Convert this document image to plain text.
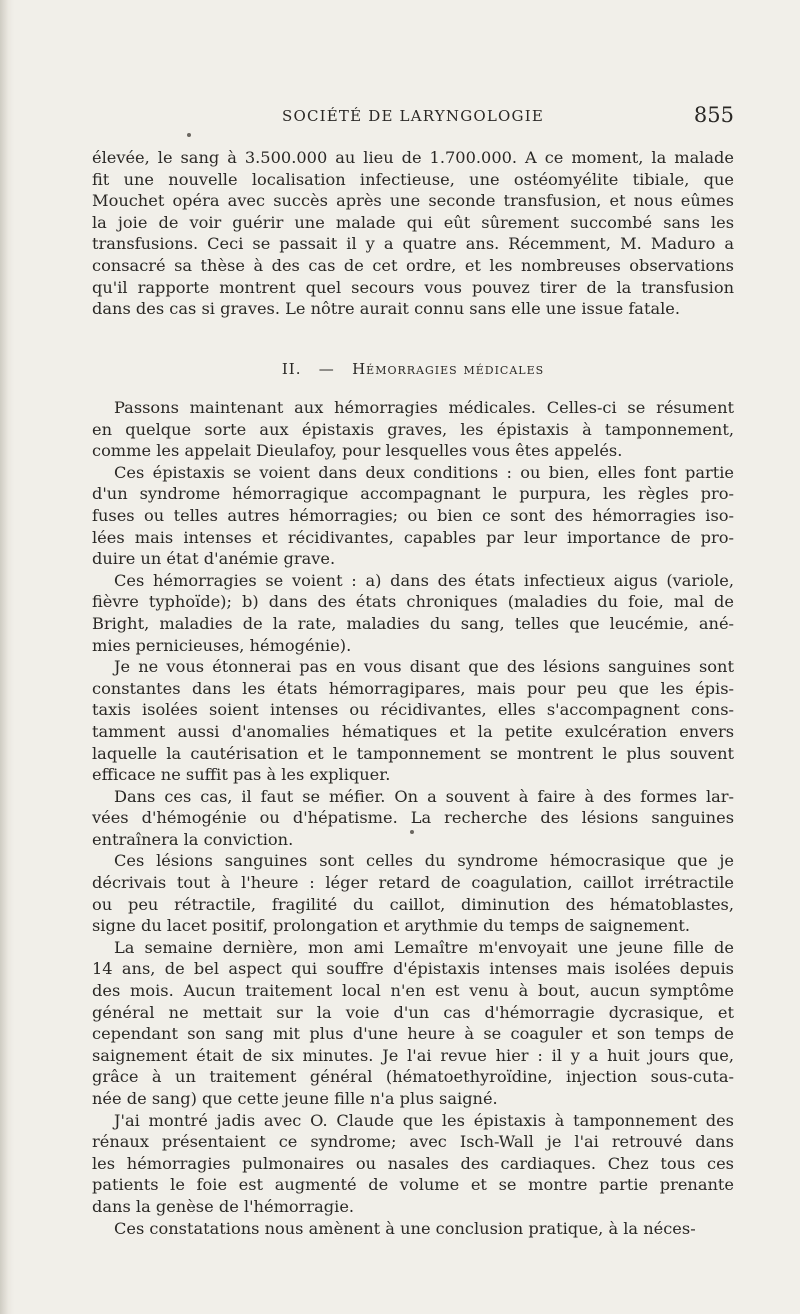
SOCIÉTÉ DE LARYNGOLOGIE	855
élevée, le sang à 3.500.000 au lieu de 1.700.000. A ce moment, la malade
fit une nouvelle localisation infectieuse, une ostéomyélite tibiale, que
Mouchet opéra avec succès après une seconde transfusion, et nous eûmes
la joie de voir guérir une malade qui eût sûrement succombé sans les
transfusions. Ceci se passait il y a quatre ans. Récemment, M. Maduro a
consacré sa thèse à des cas de cet ordre, et les nombreuses observations
qu'il rapporte montrent quel secours vous pouvez tirer de la transfusion
dans des cas si graves. Le nôtre aurait connu sans elle une issue fatale.
II. — Hémorragies médicales
Passons maintenant aux hémorragies médicales. Celles-ci se résument
en quelque sorte aux épistaxis graves, les épistaxis à tamponnement,
comme les appelait Dieulafoy, pour lesquelles vous êtes appelés.
Ces épistaxis se voient dans deux conditions : ou bien, elles font partie
d'un syndrome hémorragique accompagnant le purpura, les règles pro-
fuses ou telles autres hémorragies; ou bien ce sont des hémorragies iso-
lées mais intenses et récidivantes, capables par leur importance de pro-
duire un état d'anémie grave.
Ces hémorragies se voient : a) dans des états infectieux aigus (variole,
fièvre typhoïde); b) dans des états chroniques (maladies du foie, mal de
Bright, maladies de la rate, maladies du sang, telles que leucémie, ané-
mies pernicieuses, hémogénie).
Je ne vous étonnerai pas en vous disant que des lésions sanguines sont
constantes dans les états hémorragipares, mais pour peu que les épis-
taxis isolées soient intenses ou récidivantes, elles s'accompagnent cons-
tamment aussi d'anomalies hématiques et la petite exulcération envers
laquelle la cautérisation et le tamponnement se montrent le plus souvent
efficace ne suffit pas à les expliquer.
Dans ces cas, il faut se méfier. On a souvent à faire à des formes lar-
vées d'hémogénie ou d'hépatisme. La recherche des lésions sanguines
entraînera la conviction.
Ces lésions sanguines sont celles du syndrome hémocrasique que je
décrivais tout à l'heure : léger retard de coagulation, caillot irrétractile
ou peu rétractile, fragilité du caillot, diminution des hématoblastes,
signe du lacet positif, prolongation et arythmie du temps de saignement.
La semaine dernière, mon ami Lemaître m'envoyait une jeune fille de
14 ans, de bel aspect qui souffre d'épistaxis intenses mais isolées depuis
des mois. Aucun traitement local n'en est venu à bout, aucun symptôme
général ne mettait sur la voie d'un cas d'hémorragie dycrasique, et
cependant son sang mit plus d'une heure à se coaguler et son temps de
saignement était de six minutes. Je l'ai revue hier : il y a huit jours que,
grâce à un traitement général (hématoethyroïdine, injection sous-cuta-
née de sang) que cette jeune fille n'a plus saigné.
J'ai montré jadis avec O. Claude que les épistaxis à tamponnement des
rénaux présentaient ce syndrome; avec Isch-Wall je l'ai retrouvé dans
les hémorragies pulmonaires ou nasales des cardiaques. Chez tous ces
patients le foie est augmenté de volume et se montre partie prenante
dans la genèse de l'hémorragie.
Ces constatations nous amènent à une conclusion pratique, à la néces-
